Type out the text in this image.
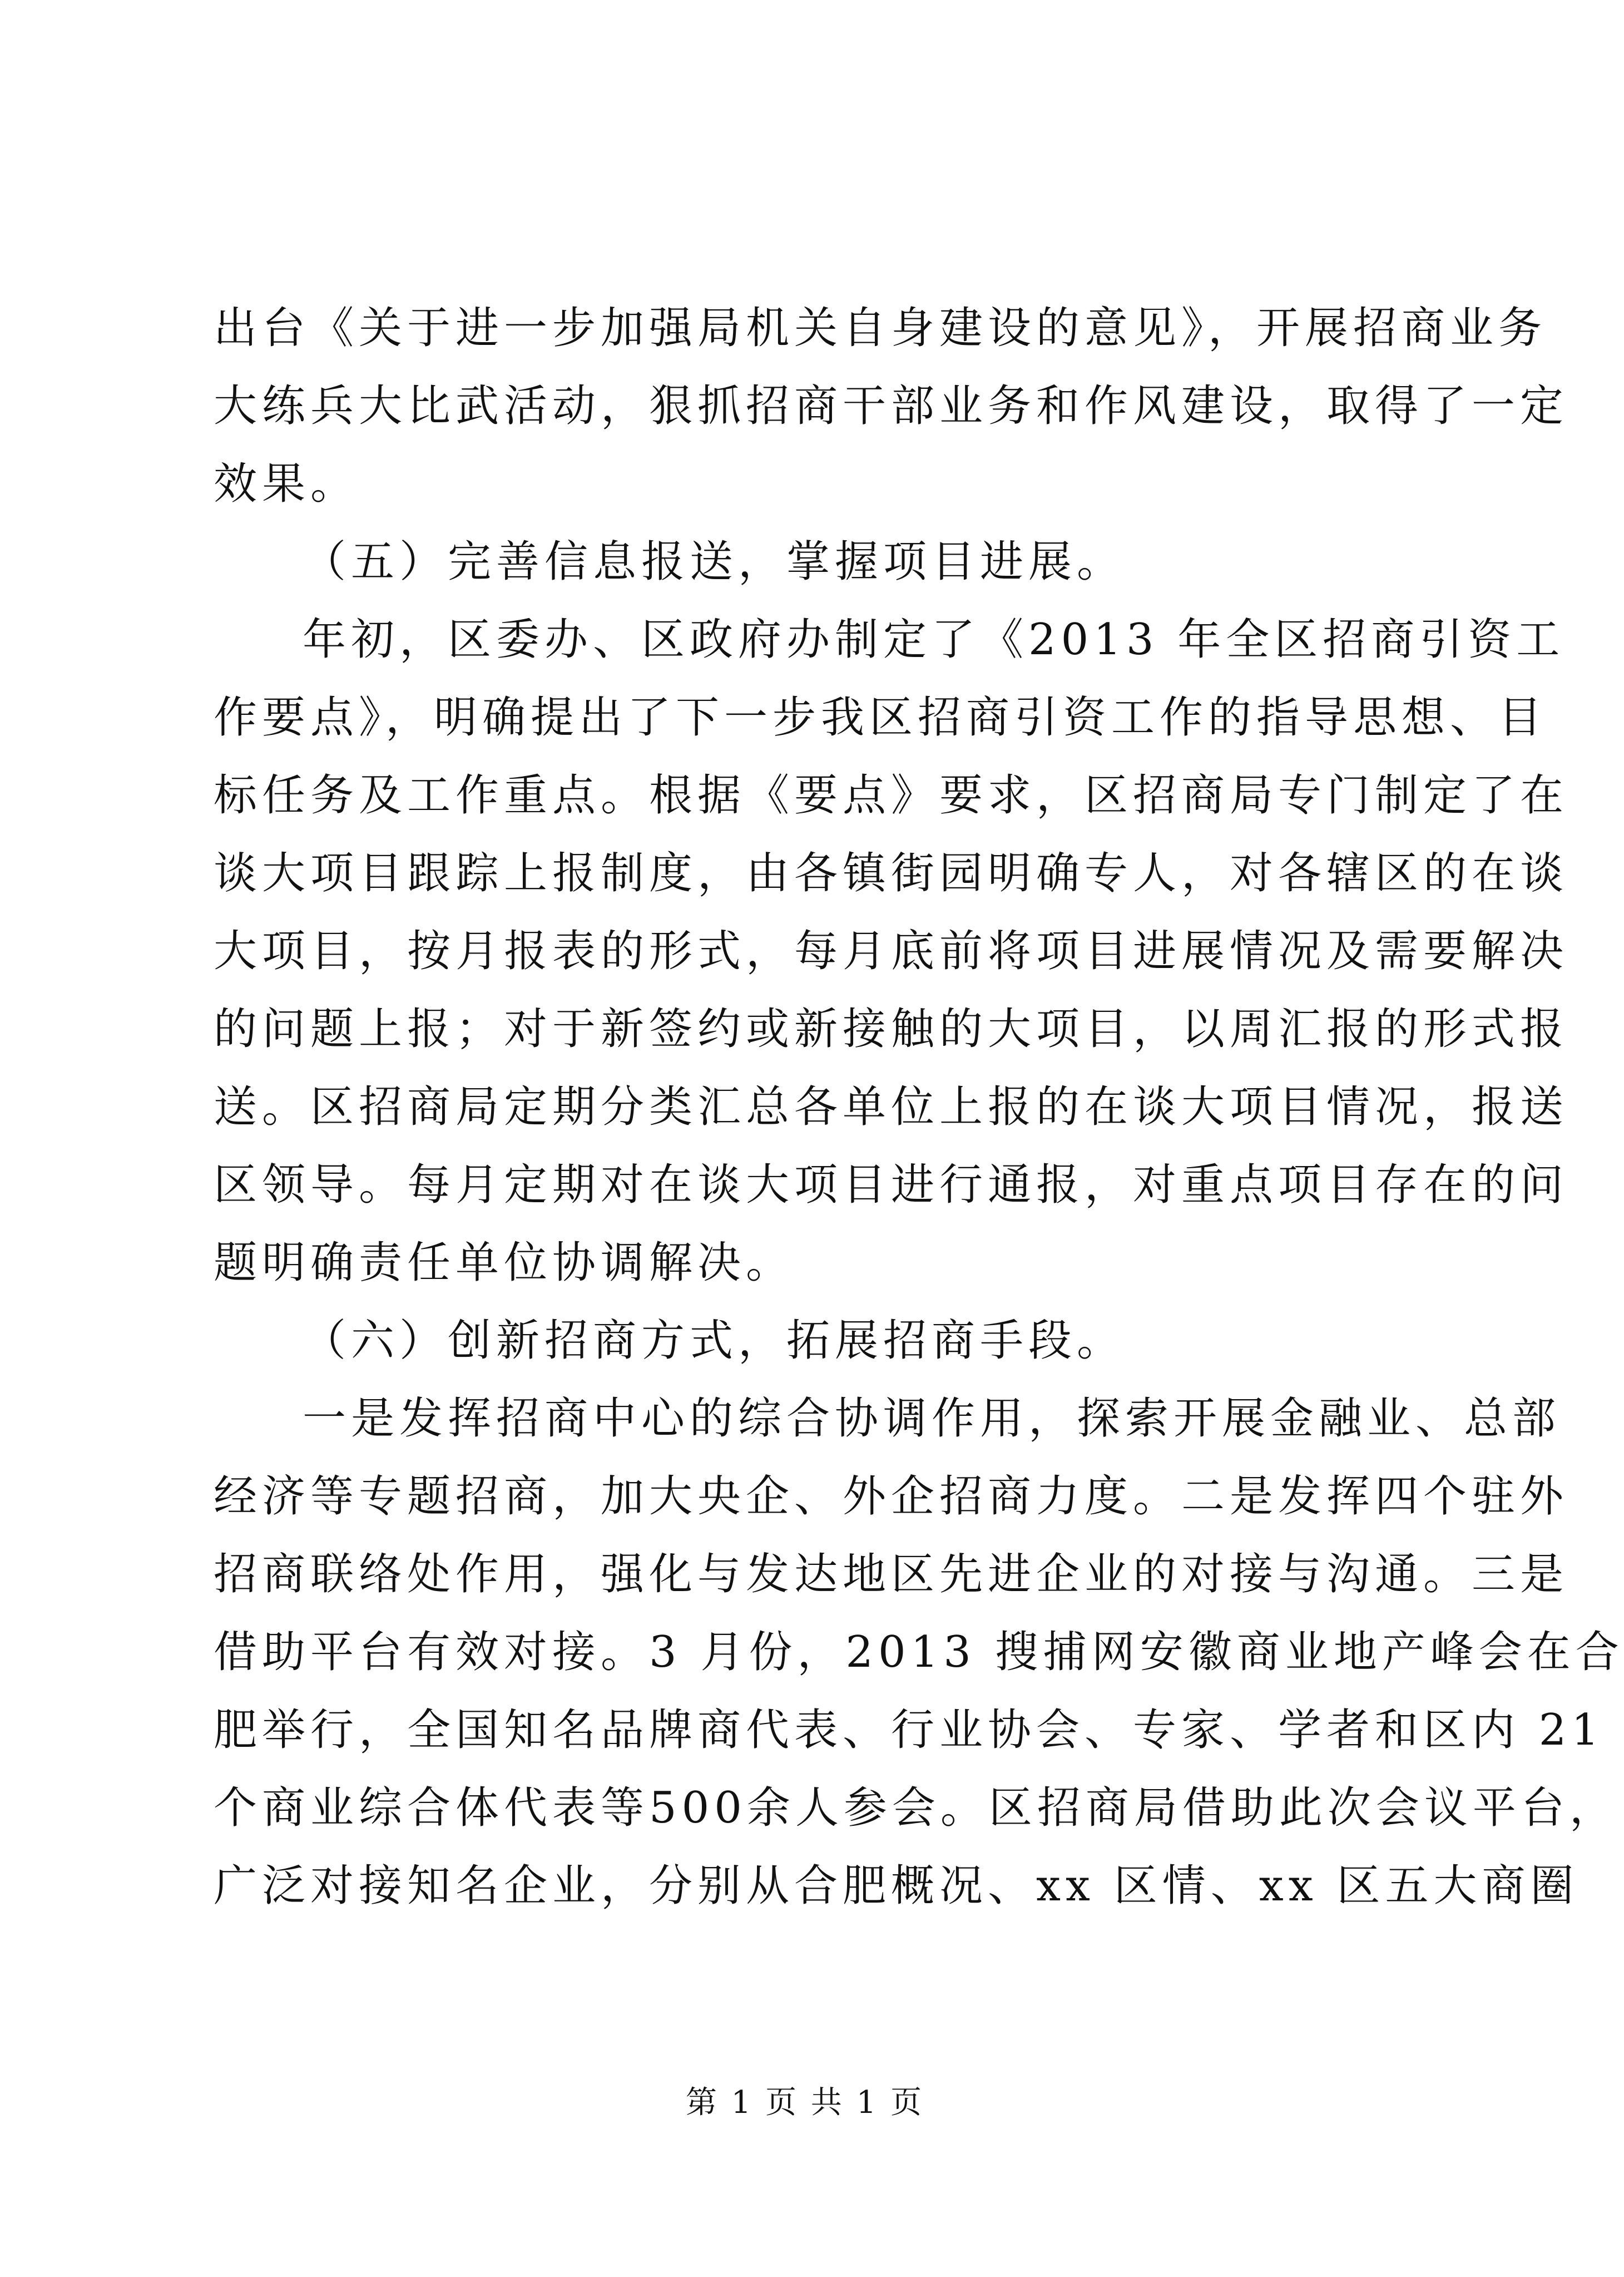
出台《关于进一步加强局机关自身建设的意见》，开展招商业务
大练兵大比武活动，狠抓招商干部业务和作风建设，取得了一定
效果。
（五）完善信息报送，掌握项目进展。
年初，区委办、区政府办制定了《2013 年全区招商引资工
作要点》，明确提出了下一步我区招商引资工作的指导思想、目
标任务及工作重点。根据《要点》要求，区招商局专门制定了在
谈大项目跟踪上报制度，由各镇街园明确专人，对各辖区的在谈
大项目，按月报表的形式，每月底前将项目进展情况及需要解决
的问题上报；对于新签约或新接触的大项目，以周汇报的形式报
送。区招商局定期分类汇总各单位上报的在谈大项目情况，报送
区领导。每月定期对在谈大项目进行通报，对重点项目存在的问
题明确责任单位协调解决。
（六）创新招商方式，拓展招商手段。
一是发挥招商中心的综合协调作用，探索开展金融业、总部
经济等专题招商，加大央企、外企招商力度。二是发挥四个驻外
招商联络处作用，强化与发达地区先进企业的对接与沟通。三是
借助平台有效对接。3 月份，2013 搜捕网安徽商业地产峰会在合
肥举行，全国知名品牌商代表、行业协会、专家、学者和区内 21
个商业综合体代表等500余人参会。区招商局借助此次会议平台，
广泛对接知名企业，分别从合肥概况、xx 区情、xx 区五大商圈
第 1 页 共 1 页
